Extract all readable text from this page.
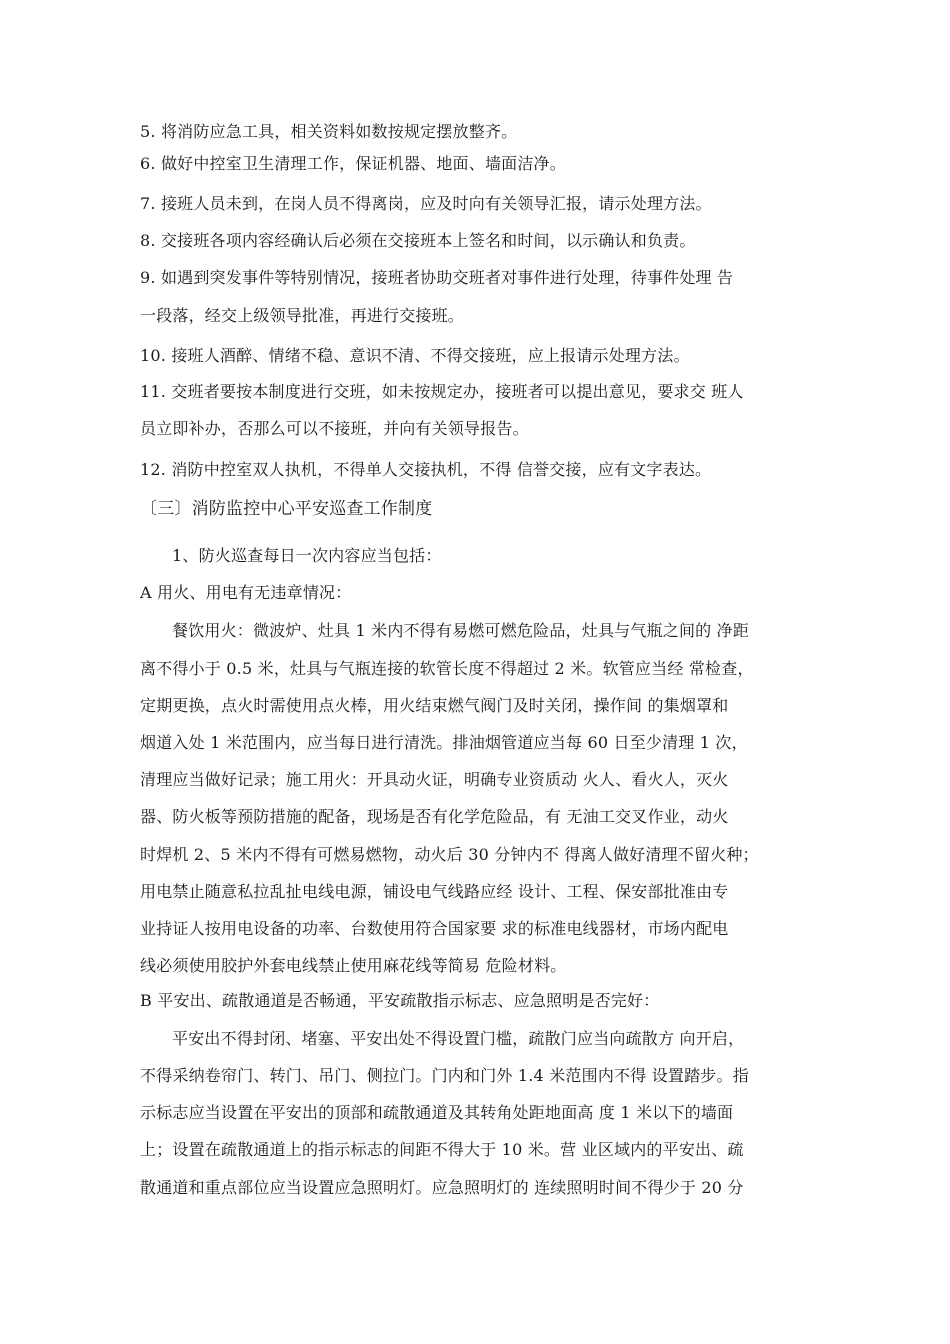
5. 将消防应急工具，相关资料如数按规定摆放整齐。
6. 做好中控室卫生清理工作，保证机器、地面、墙面洁净。
7. 接班人员未到，在岗人员不得离岗，应及时向有关领导汇报，请示处理方法。
8. 交接班各项内容经确认后必须在交接班本上签名和时间，以示确认和负责。
9. 如遇到突发事件等特别情况，接班者协助交班者对事件进行处理，待事件处理 告
一段落，经交上级领导批准，再进行交接班。
10. 接班人酒醉、情绪不稳、意识不清、不得交接班，应上报请示处理方法。
11. 交班者要按本制度进行交班，如未按规定办，接班者可以提出意见，要求交 班人
员立即补办，否那么可以不接班，并向有关领导报告。
12. 消防中控室双人执机，不得单人交接执机，不得 信誉交接，应有文字表达。
〔三〕消防监控中心平安巡查工作制度
1、防火巡查每日一次内容应当包括：
A 用火、用电有无违章情况：
餐饮用火：微波炉、灶具 1 米内不得有易燃可燃危险品，灶具与气瓶之间的 净距
离不得小于 0.5 米，灶具与气瓶连接的软管长度不得超过 2 米。软管应当经 常检查，
定期更换，点火时需使用点火棒，用火结束燃气阀门及时关闭，操作间 的集烟罩和
烟道入处 1 米范围内，应当每日进行清洗。排油烟管道应当每 60 日至少清理 1 次，
清理应当做好记录；施工用火：开具动火证，明确专业资质动 火人、看火人，灭火
器、防火板等预防措施的配备，现场是否有化学危险品，有 无油工交叉作业，动火
时焊机 2、5 米内不得有可燃易燃物，动火后 30 分钟内不 得离人做好清理不留火种；
用电禁止随意私拉乱扯电线电源，铺设电气线路应经 设计、工程、保安部批准由专
业持证人按用电设备的功率、台数使用符合国家要 求的标准电线器材，市场内配电
线必须使用胶护外套电线禁止使用麻花线等简易 危险材料。
B 平安出、疏散通道是否畅通，平安疏散指示标志、应急照明是否完好：
平安出不得封闭、堵塞、平安出处不得设置门槛，疏散门应当向疏散方 向开启，
不得采纳卷帘门、转门、吊门、侧拉门。门内和门外 1.4 米范围内不得 设置踏步。指
示标志应当设置在平安出的顶部和疏散通道及其转角处距地面高 度 1 米以下的墙面
上；设置在疏散通道上的指示标志的间距不得大于 10 米。营 业区域内的平安出、疏
散通道和重点部位应当设置应急照明灯。应急照明灯的 连续照明时间不得少于 20 分
